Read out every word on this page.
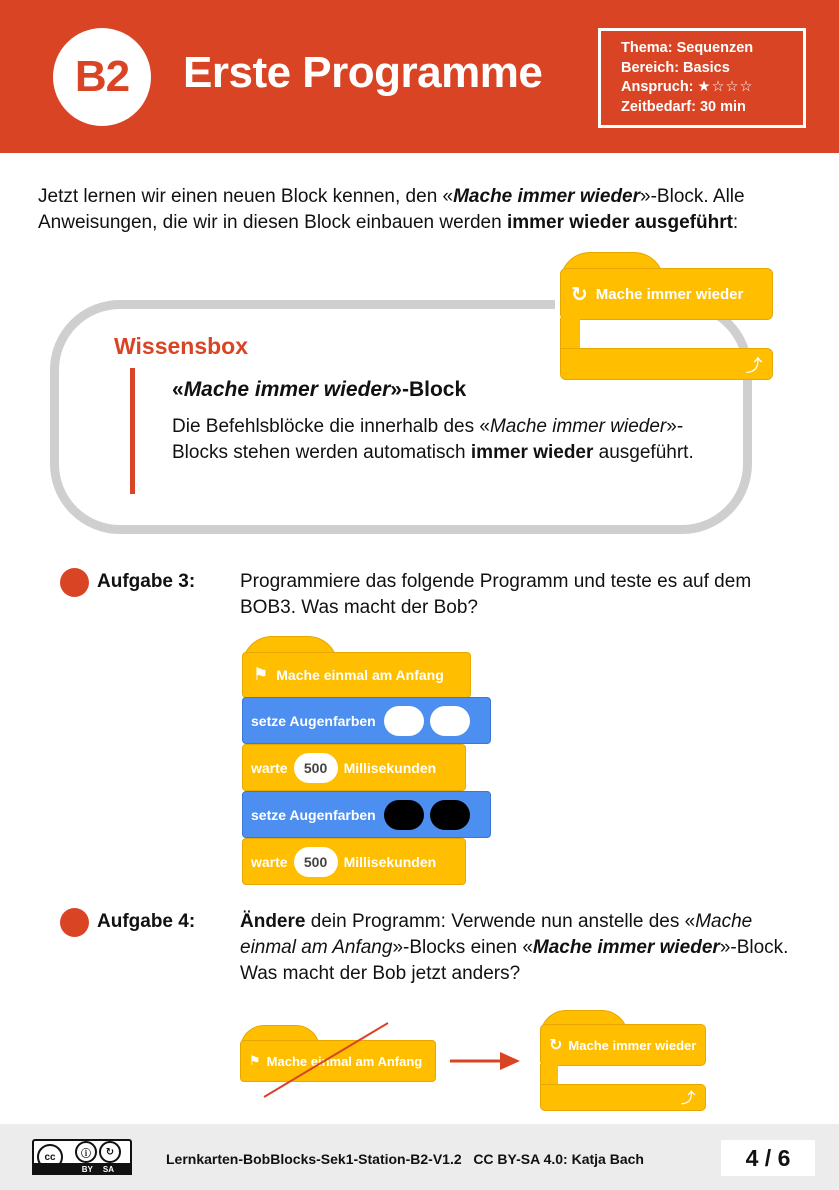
B2	Erste Programme	Thema: Sequenzen
Bereich: Basics
Anspruch: ★☆☆☆
Zeitbedarf: 30 min

Jetzt lernen wir einen neuen Block kennen, den «Mache immer wieder»-Block. Alle Anweisungen, die wir in diesen Block einbauen werden immer wieder ausgeführt:

Wissensbox
«Mache immer wieder»-Block

Die Befehlsblöcke die innerhalb des «Mache immer wieder»-Blocks stehen werden automatisch immer wieder ausgeführt.

↻ Mache immer wieder
⤴
Aufgabe 3: Programmiere das folgende Programm und teste es auf dem BOB3. Was macht der Bob?

⚑ Mache einmal am Anfang
setze Augenfarben
warte	500	Millisekunden
setze Augenfarben
warte	500	Millisekunden
Aufgabe 4: Ändere dein Programm: Verwende nun anstelle des «Mache einmal am Anfang»-Blocks einen «Mache immer wieder»-Block. Was macht der Bob jetzt anders?

⚑ Mache einmal am Anfang
↻ Mache immer wieder
⤴
cc	ⓘ	↻
BY SA
Lernkarten-BobBlocks-Sek1-Station-B2-V1.2 CC BY-SA 4.0: Katja Bach	4 / 6
